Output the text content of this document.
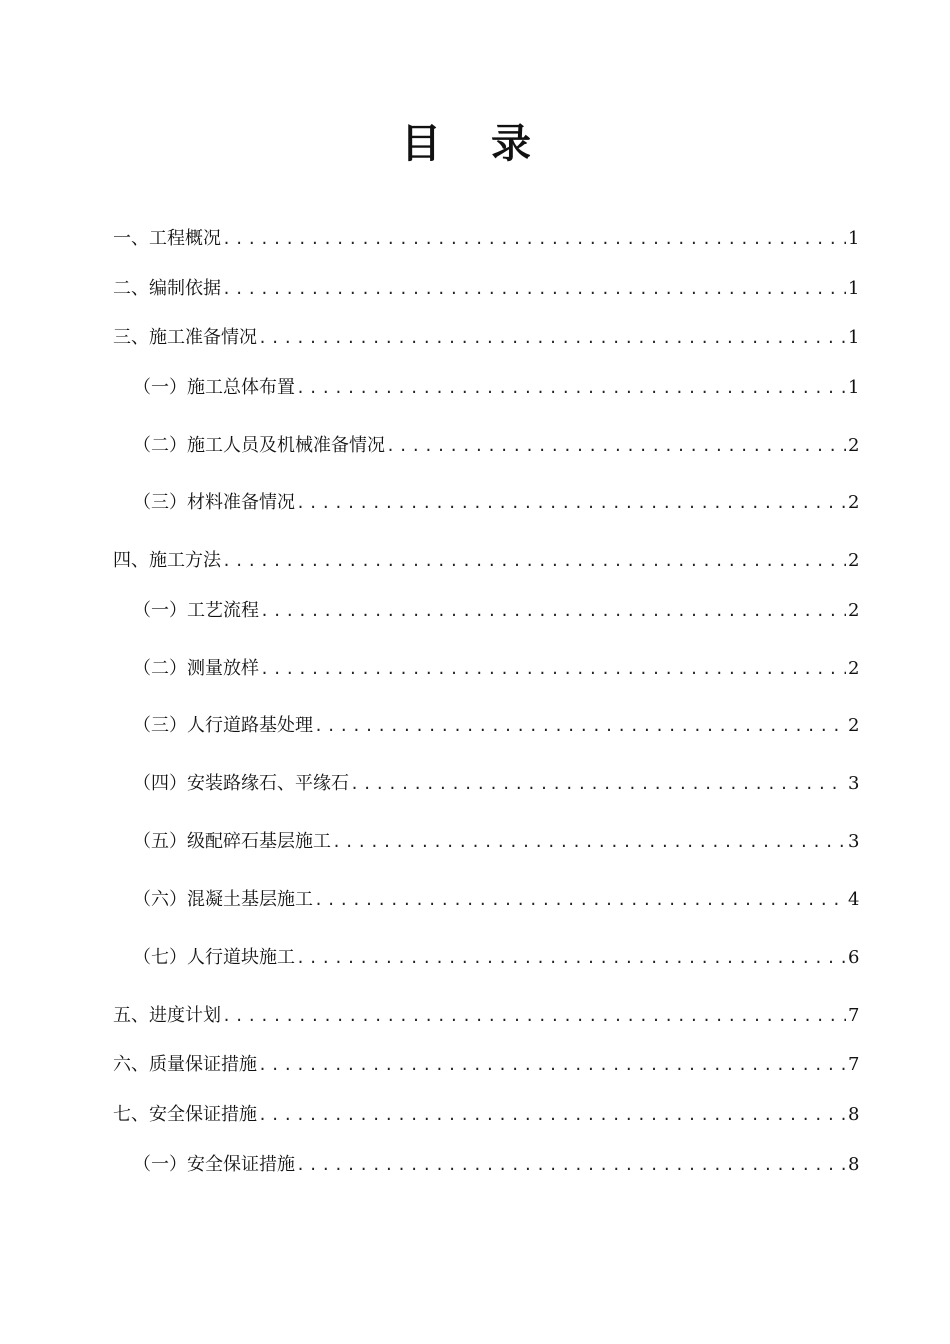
目 录
一、 工程概况 .....	1
二、 编制依据 .....	1
三、 施工准备情况 .....	1
（一） 施工总体布置 .....	1
（二） 施工人员及机械准备情况 .....	2
（三） 材料准备情况 .....	2
四、 施工方法 .....	2
（一） 工艺流程 .....	2
（二） 测量放样 .....	2
（三） 人行道路基处理 .....	2
（四） 安装路缘石、平缘石 .....	3
（五） 级配碎石基层施工 .....	3
（六） 混凝土基层施工 .....	4
（七） 人行道块施工 .....	6
五、 进度计划 .....	7
六、 质量保证措施 .....	7
七、 安全保证措施 .....	8
（一） 安全保证措施 .....	8
